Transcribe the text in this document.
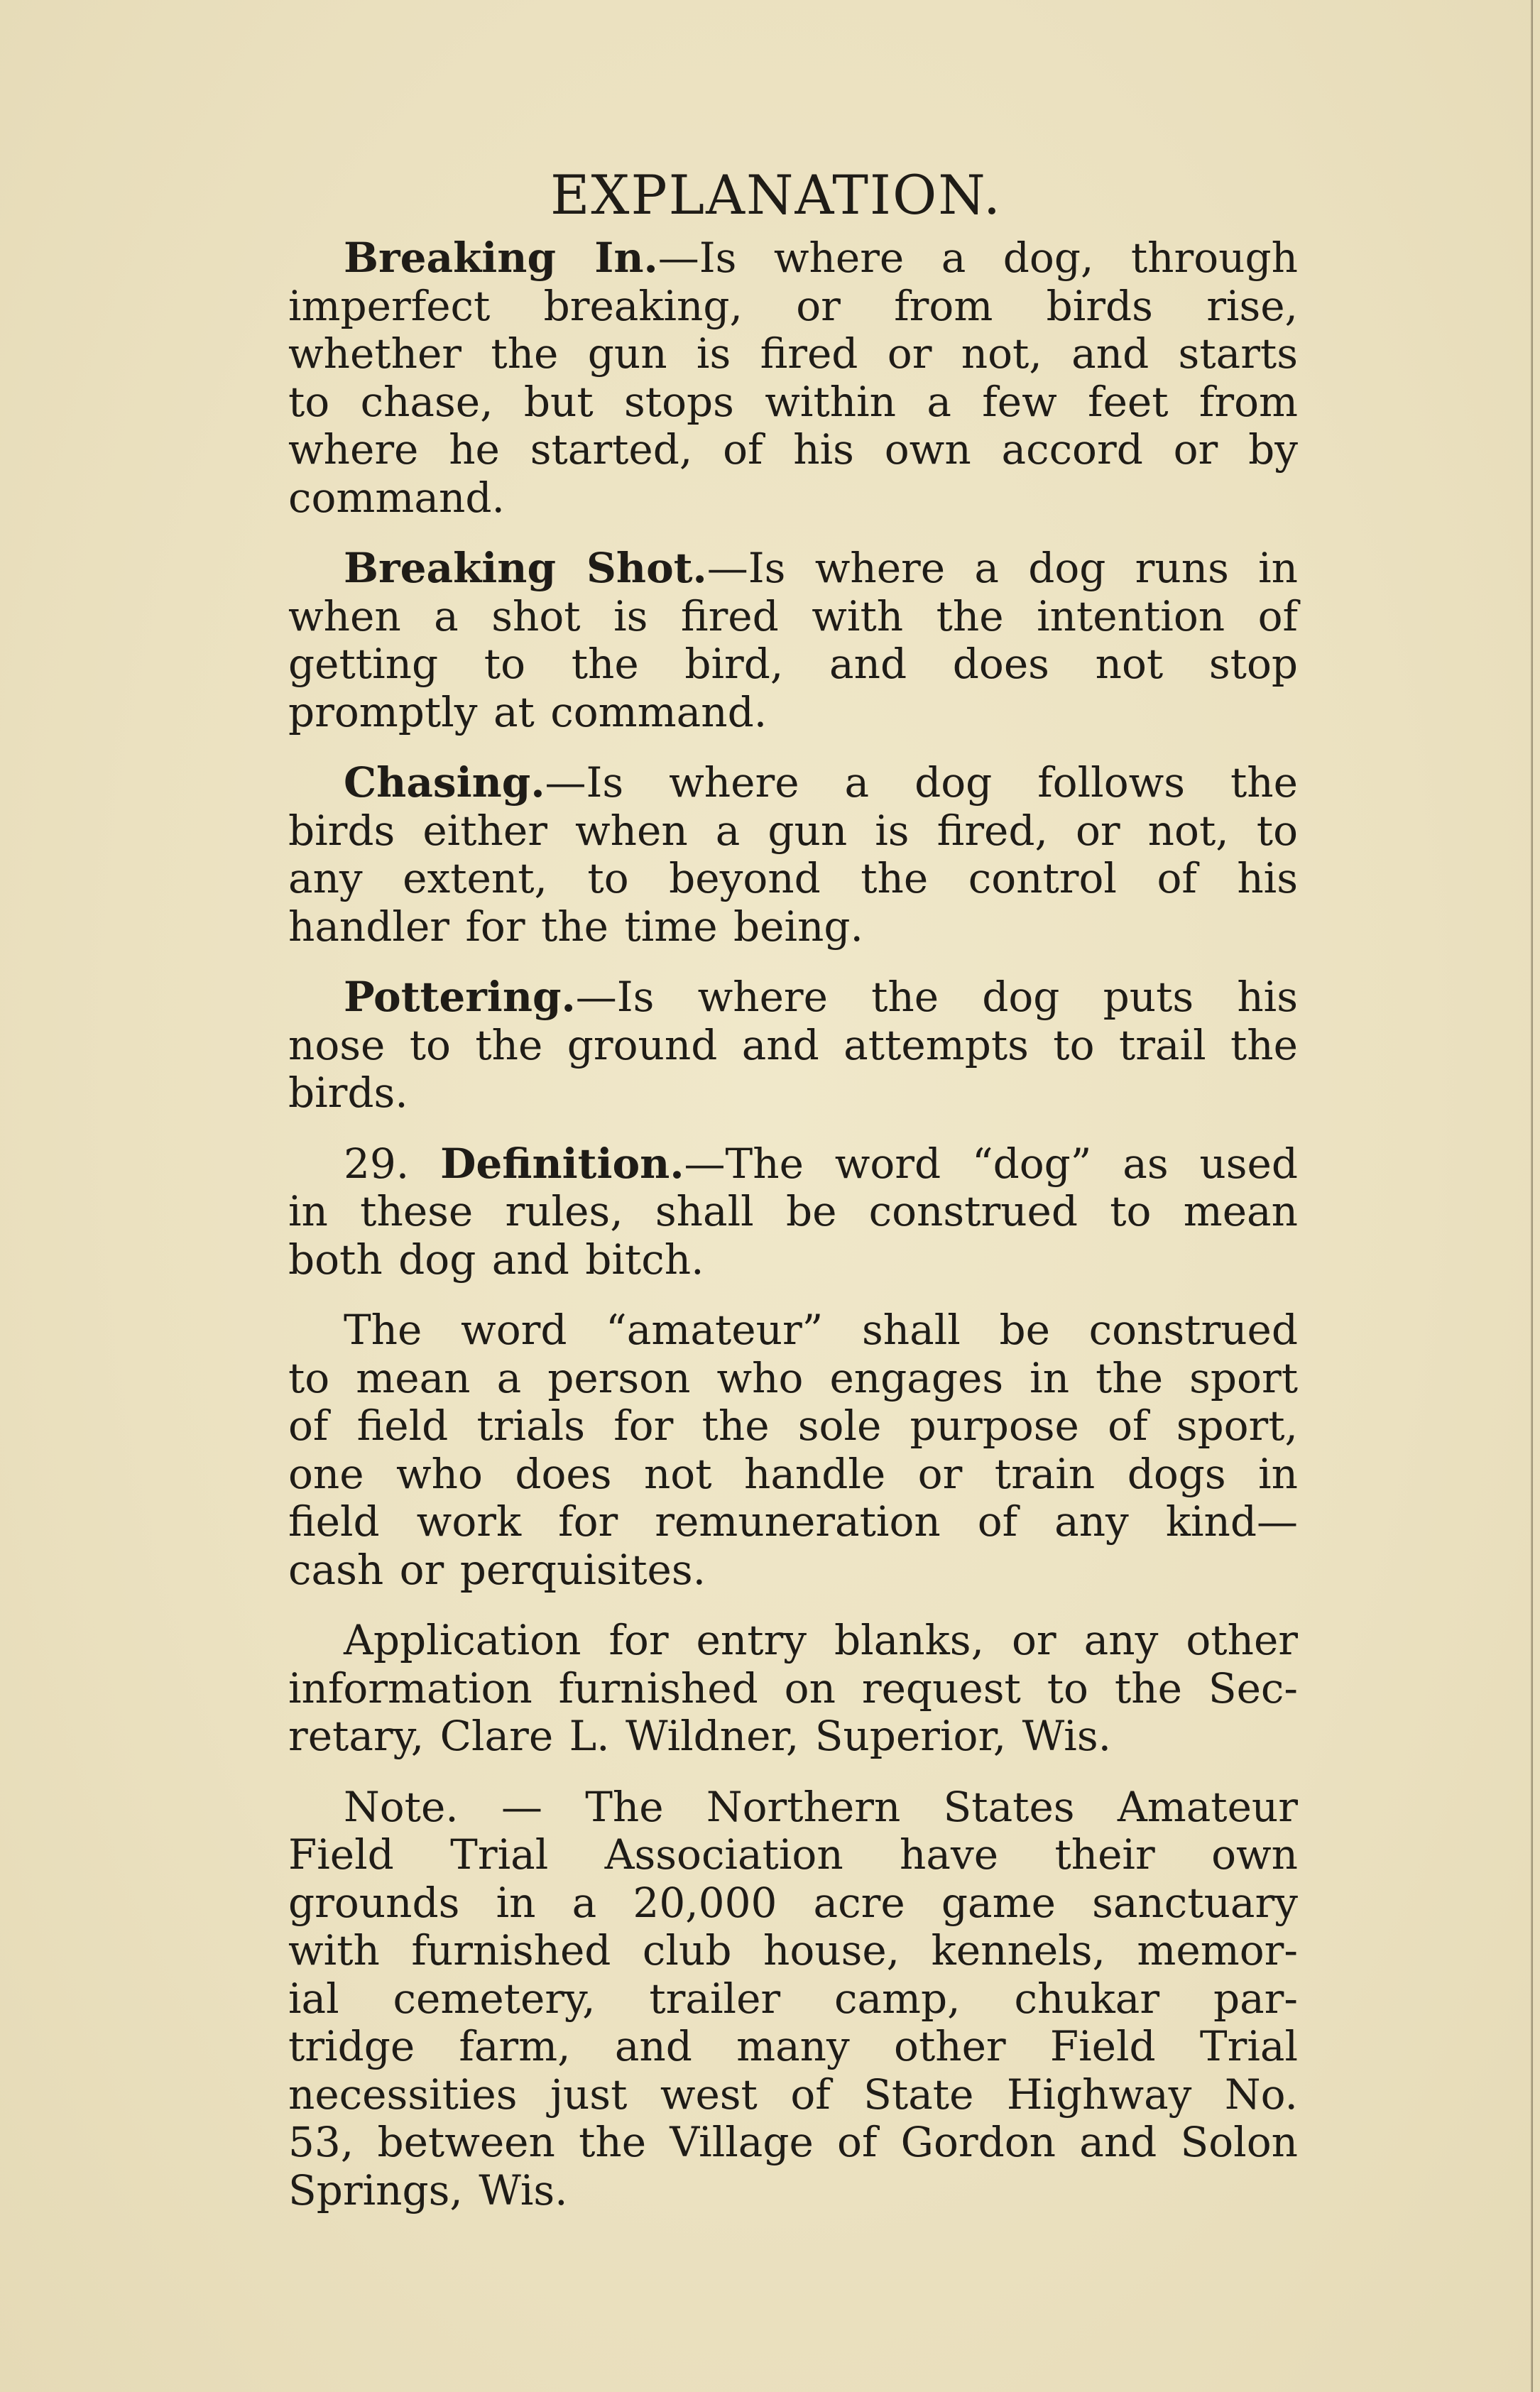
EXPLANATION.
Breaking In.—Is where a dog, through
imperfect breaking, or from birds rise,
whether the gun is fired or not, and starts
to chase, but stops within a few feet from
where he started, of his own accord or by
command.
Breaking Shot.—Is where a dog runs in
when a shot is fired with the intention of
getting to the bird, and does not stop
promptly at command.
Chasing.—Is where a dog follows the
birds either when a gun is fired, or not, to
any extent, to beyond the control of his
handler for the time being.
Pottering.—Is where the dog puts his
nose to the ground and attempts to trail the
birds.
29. Definition.—The word “dog” as used
in these rules, shall be construed to mean
both dog and bitch.
The word “amateur” shall be construed
to mean a person who engages in the sport
of field trials for the sole purpose of sport,
one who does not handle or train dogs in
field work for remuneration of any kind—
cash or perquisites.
Application for entry blanks, or any other
information furnished on request to the Sec-
retary, Clare L. Wildner, Superior, Wis.
Note. — The Northern States Amateur
Field Trial Association have their own
grounds in a 20,000 acre game sanctuary
with furnished club house, kennels, memor-
ial cemetery, trailer camp, chukar par-
tridge farm, and many other Field Trial
necessities just west of State Highway No.
53, between the Village of Gordon and Solon
Springs, Wis.
